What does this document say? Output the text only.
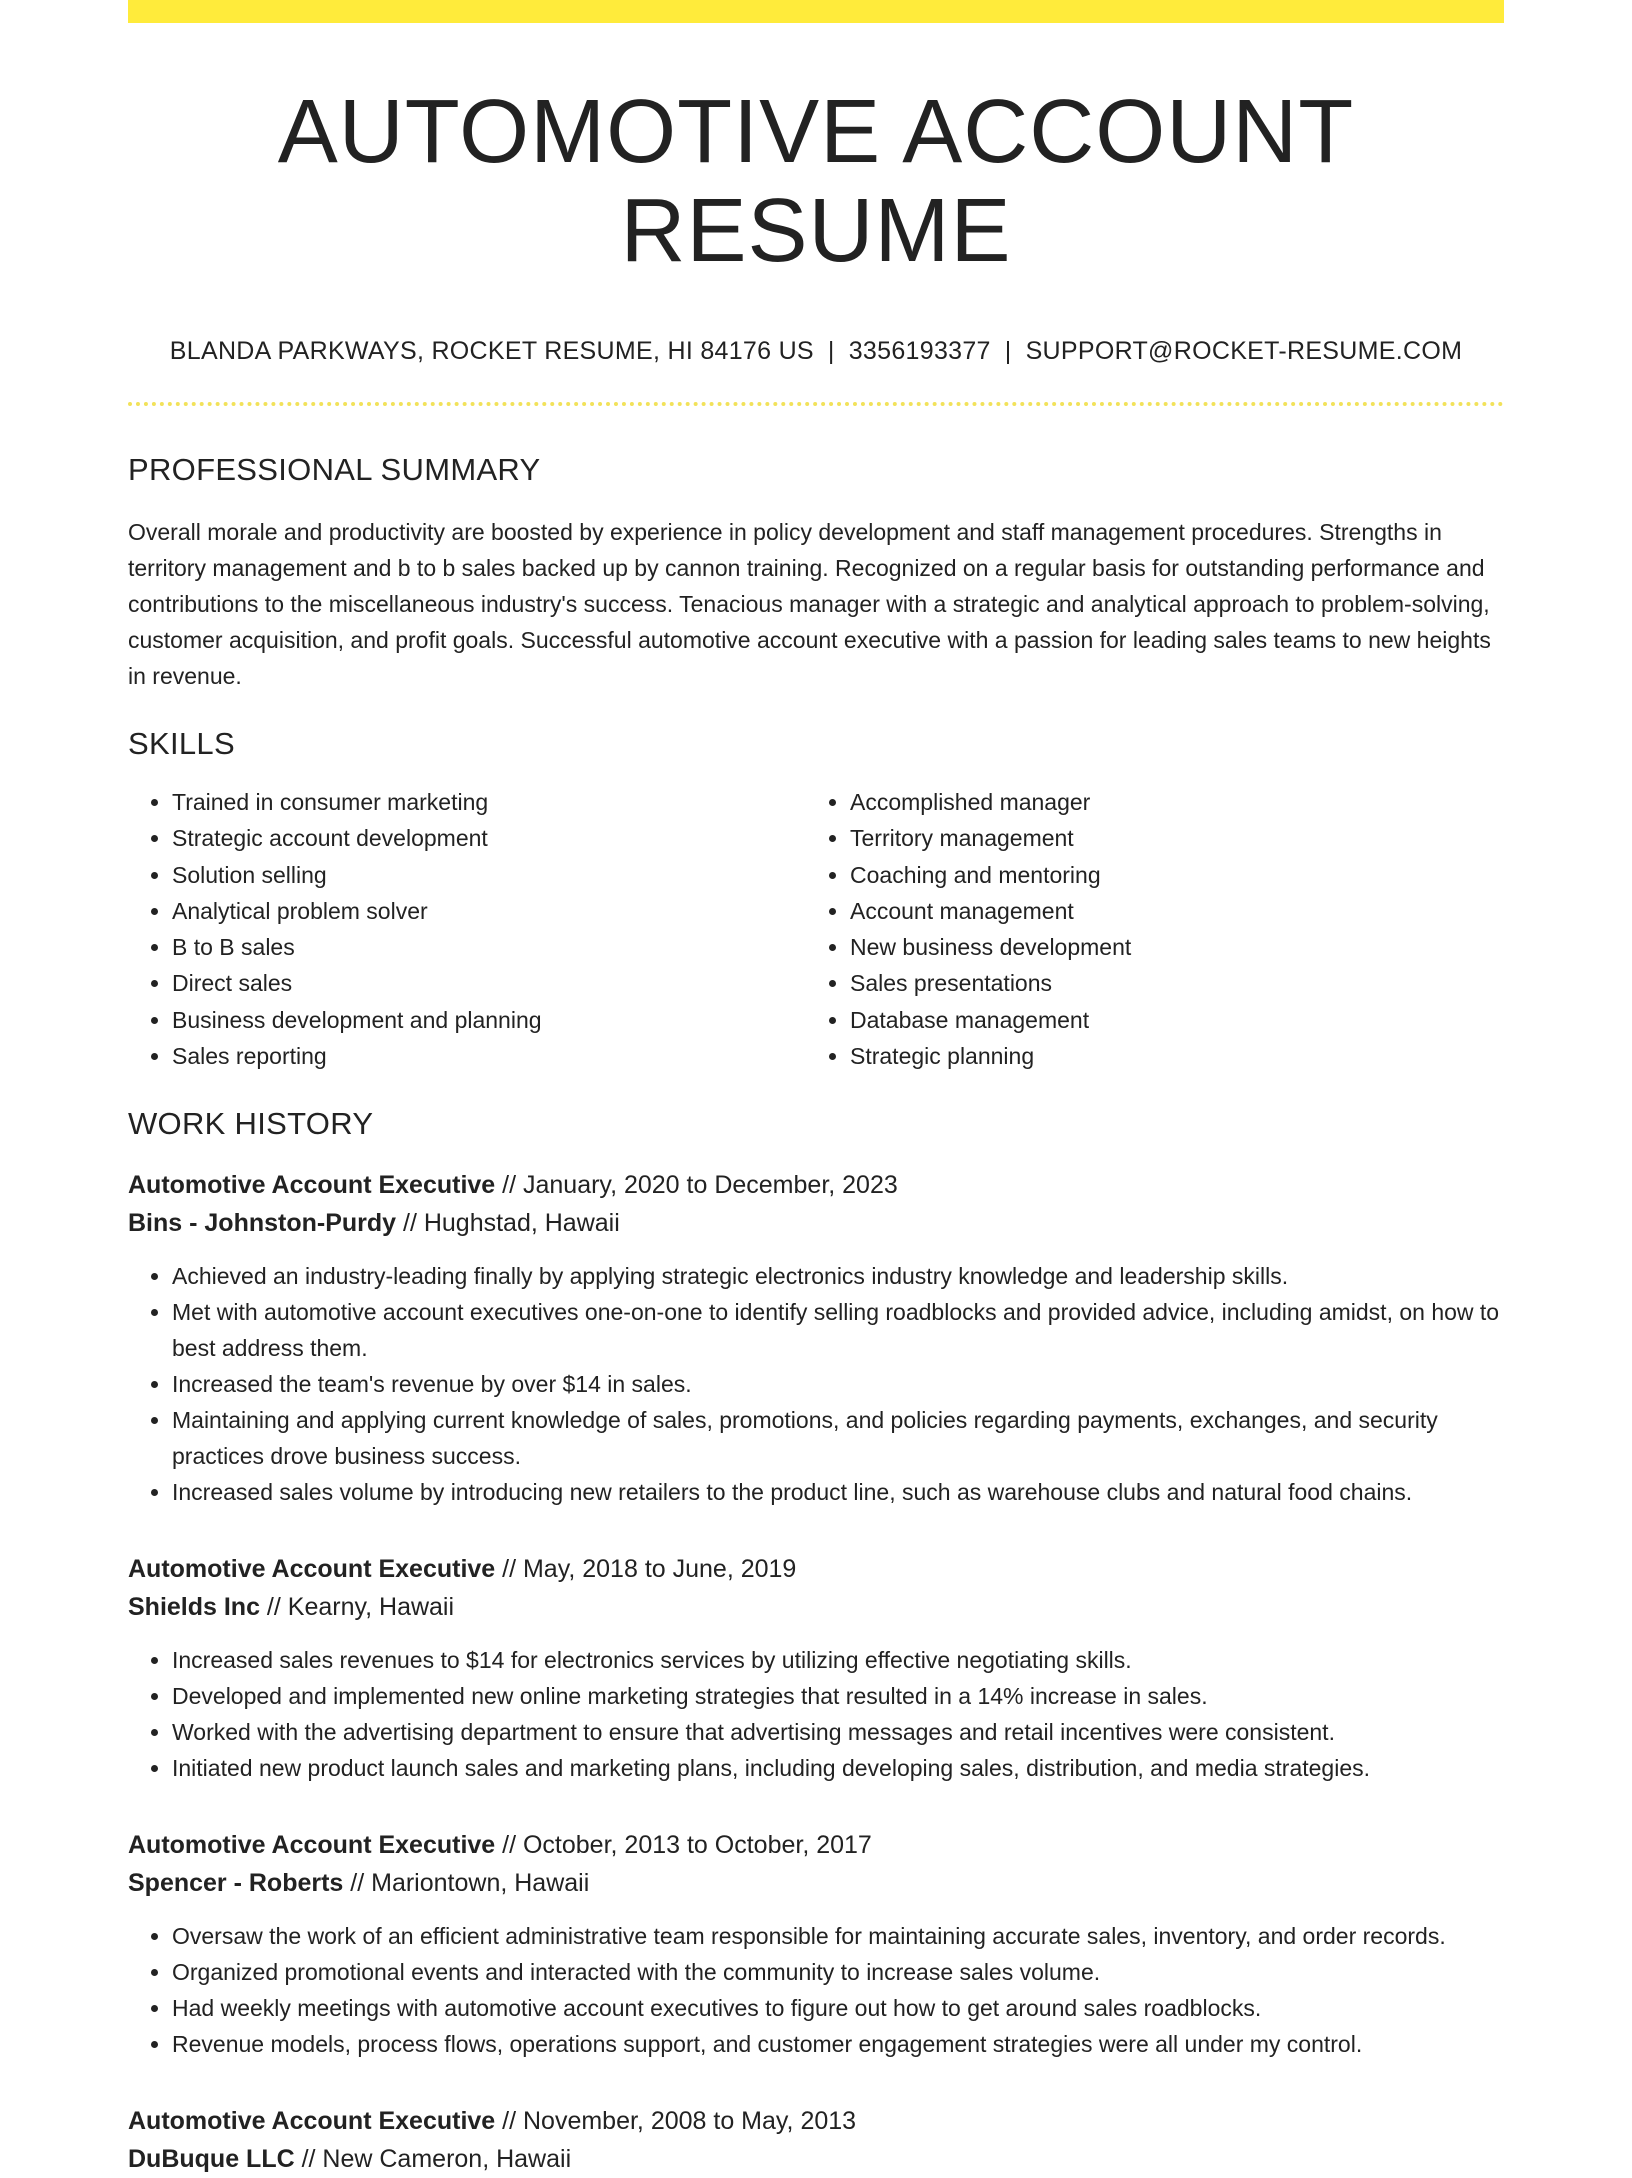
AUTOMOTIVE ACCOUNT RESUME
BLANDA PARKWAYS, ROCKET RESUME, HI 84176 US | 3356193377 | SUPPORT@ROCKET-RESUME.COM
PROFESSIONAL SUMMARY
Overall morale and productivity are boosted by experience in policy development and staff management procedures. Strengths in territory management and b to b sales backed up by cannon training. Recognized on a regular basis for outstanding performance and contributions to the miscellaneous industry's success. Tenacious manager with a strategic and analytical approach to problem-solving, customer acquisition, and profit goals. Successful automotive account executive with a passion for leading sales teams to new heights in revenue.
SKILLS
• Trained in consumer marketing
• Strategic account development
• Solution selling
• Analytical problem solver
• B to B sales
• Direct sales
• Business development and planning
• Sales reporting
• Accomplished manager
• Territory management
• Coaching and mentoring
• Account management
• New business development
• Sales presentations
• Database management
• Strategic planning
WORK HISTORY
Automotive Account Executive // January, 2020 to December, 2023
Bins - Johnston-Purdy // Hughstad, Hawaii
• Achieved an industry-leading finally by applying strategic electronics industry knowledge and leadership skills.
• Met with automotive account executives one-on-one to identify selling roadblocks and provided advice, including amidst, on how to best address them.
• Increased the team's revenue by over $14 in sales.
• Maintaining and applying current knowledge of sales, promotions, and policies regarding payments, exchanges, and security practices drove business success.
• Increased sales volume by introducing new retailers to the product line, such as warehouse clubs and natural food chains.
Automotive Account Executive // May, 2018 to June, 2019
Shields Inc // Kearny, Hawaii
• Increased sales revenues to $14 for electronics services by utilizing effective negotiating skills.
• Developed and implemented new online marketing strategies that resulted in a 14% increase in sales.
• Worked with the advertising department to ensure that advertising messages and retail incentives were consistent.
• Initiated new product launch sales and marketing plans, including developing sales, distribution, and media strategies.
Automotive Account Executive // October, 2013 to October, 2017
Spencer - Roberts // Mariontown, Hawaii
• Oversaw the work of an efficient administrative team responsible for maintaining accurate sales, inventory, and order records.
• Organized promotional events and interacted with the community to increase sales volume.
• Had weekly meetings with automotive account executives to figure out how to get around sales roadblocks.
• Revenue models, process flows, operations support, and customer engagement strategies were all under my control.
Automotive Account Executive // November, 2008 to May, 2013
DuBuque LLC // New Cameron, Hawaii
